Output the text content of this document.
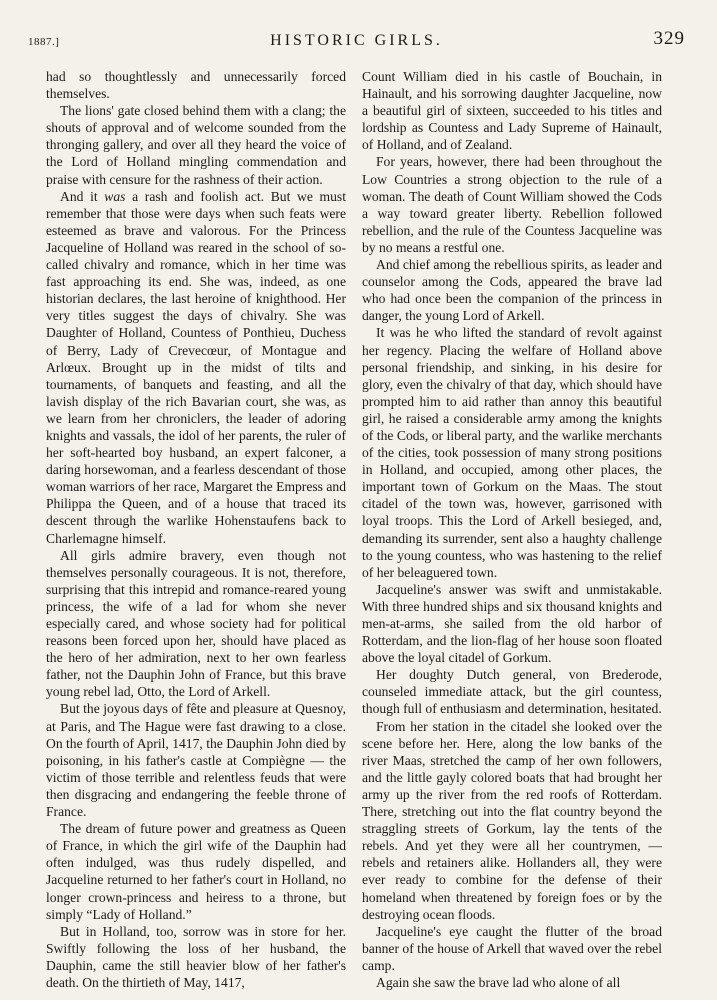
1887.]	HISTORIC GIRLS.	329

had so thoughtlessly and unnecessarily forced themselves.

The lions' gate closed behind them with a clang; the shouts of approval and of welcome sounded from the thronging gallery, and over all they heard the voice of the Lord of Holland mingling commendation and praise with censure for the rashness of their action.

And it was a rash and foolish act. But we must remember that those were days when such feats were esteemed as brave and valorous. For the Princess Jacqueline of Holland was reared in the school of so-called chivalry and romance, which in her time was fast approaching its end. She was, indeed, as one historian declares, the last heroine of knighthood. Her very titles suggest the days of chivalry. She was Daughter of Holland, Countess of Ponthieu, Duchess of Berry, Lady of Crevecœur, of Montague and Arlœux. Brought up in the midst of tilts and tournaments, of banquets and feasting, and all the lavish display of the rich Bavarian court, she was, as we learn from her chroniclers, the leader of adoring knights and vassals, the idol of her parents, the ruler of her soft-hearted boy husband, an expert falconer, a daring horsewoman, and a fearless descendant of those woman warriors of her race, Margaret the Empress and Philippa the Queen, and of a house that traced its descent through the warlike Hohenstaufens back to Charlemagne himself.

All girls admire bravery, even though not themselves personally courageous. It is not, therefore, surprising that this intrepid and romance-reared young princess, the wife of a lad for whom she never especially cared, and whose society had for political reasons been forced upon her, should have placed as the hero of her admiration, next to her own fearless father, not the Dauphin John of France, but this brave young rebel lad, Otto, the Lord of Arkell.

But the joyous days of fête and pleasure at Quesnoy, at Paris, and The Hague were fast drawing to a close. On the fourth of April, 1417, the Dauphin John died by poisoning, in his father's castle at Compiègne — the victim of those terrible and relentless feuds that were then disgracing and endangering the feeble throne of France.

The dream of future power and greatness as Queen of France, in which the girl wife of the Dauphin had often indulged, was thus rudely dispelled, and Jacqueline returned to her father's court in Holland, no longer crown-princess and heiress to a throne, but simply “Lady of Holland.”

But in Holland, too, sorrow was in store for her. Swiftly following the loss of her husband, the Dauphin, came the still heavier blow of her father's death. On the thirtieth of May, 1417,

Count William died in his castle of Bouchain, in Hainault, and his sorrowing daughter Jacqueline, now a beautiful girl of sixteen, succeeded to his titles and lordship as Countess and Lady Supreme of Hainault, of Holland, and of Zealand.

For years, however, there had been throughout the Low Countries a strong objection to the rule of a woman. The death of Count William showed the Cods a way toward greater liberty. Rebellion followed rebellion, and the rule of the Countess Jacqueline was by no means a restful one.

And chief among the rebellious spirits, as leader and counselor among the Cods, appeared the brave lad who had once been the companion of the princess in danger, the young Lord of Arkell.

It was he who lifted the standard of revolt against her regency. Placing the welfare of Holland above personal friendship, and sinking, in his desire for glory, even the chivalry of that day, which should have prompted him to aid rather than annoy this beautiful girl, he raised a considerable army among the knights of the Cods, or liberal party, and the warlike merchants of the cities, took possession of many strong positions in Holland, and occupied, among other places, the important town of Gorkum on the Maas. The stout citadel of the town was, however, garrisoned with loyal troops. This the Lord of Arkell besieged, and, demanding its surrender, sent also a haughty challenge to the young countess, who was hastening to the relief of her beleaguered town.

Jacqueline's answer was swift and unmistakable. With three hundred ships and six thousand knights and men-at-arms, she sailed from the old harbor of Rotterdam, and the lion-flag of her house soon floated above the loyal citadel of Gorkum.

Her doughty Dutch general, von Brederode, counseled immediate attack, but the girl countess, though full of enthusiasm and determination, hesitated.

From her station in the citadel she looked over the scene before her. Here, along the low banks of the river Maas, stretched the camp of her own followers, and the little gayly colored boats that had brought her army up the river from the red roofs of Rotterdam. There, stretching out into the flat country beyond the straggling streets of Gorkum, lay the tents of the rebels. And yet they were all her countrymen, — rebels and retainers alike. Hollanders all, they were ever ready to combine for the defense of their homeland when threatened by foreign foes or by the destroying ocean floods.

Jacqueline's eye caught the flutter of the broad banner of the house of Arkell that waved over the rebel camp.

Again she saw the brave lad who alone of all
